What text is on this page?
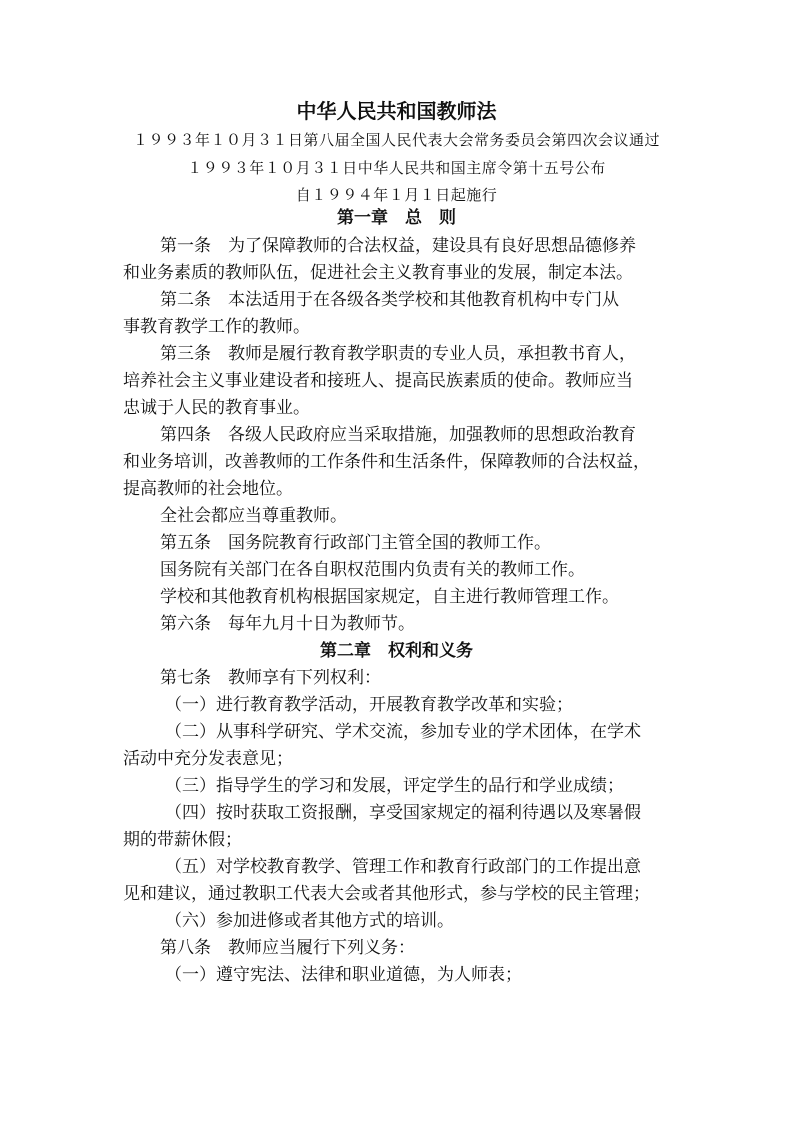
中华人民共和国教师法
１９９３年１０月３１日第八届全国人民代表大会常务委员会第四次会议通过
１９９３年１０月３１日中华人民共和国主席令第十五号公布
自１９９４年１月１日起施行
第一章　总　则
第一条　为了保障教师的合法权益，建设具有良好思想品德修养
和业务素质的教师队伍，促进社会主义教育事业的发展，制定本法。
第二条　本法适用于在各级各类学校和其他教育机构中专门从
事教育教学工作的教师。
第三条　教师是履行教育教学职责的专业人员，承担教书育人，
培养社会主义事业建设者和接班人、提高民族素质的使命。教师应当
忠诚于人民的教育事业。
第四条　各级人民政府应当采取措施，加强教师的思想政治教育
和业务培训，改善教师的工作条件和生活条件，保障教师的合法权益，
提高教师的社会地位。
全社会都应当尊重教师。
第五条　国务院教育行政部门主管全国的教师工作。
国务院有关部门在各自职权范围内负责有关的教师工作。
学校和其他教育机构根据国家规定，自主进行教师管理工作。
第六条　每年九月十日为教师节。
第二章　权利和义务
第七条　教师享有下列权利：
（一）进行教育教学活动，开展教育教学改革和实验；
（二）从事科学研究、学术交流，参加专业的学术团体，在学术
活动中充分发表意见；
（三）指导学生的学习和发展，评定学生的品行和学业成绩；
（四）按时获取工资报酬，享受国家规定的福利待遇以及寒暑假
期的带薪休假；
（五）对学校教育教学、管理工作和教育行政部门的工作提出意
见和建议，通过教职工代表大会或者其他形式，参与学校的民主管理；
（六）参加进修或者其他方式的培训。
第八条　教师应当履行下列义务：
（一）遵守宪法、法律和职业道德，为人师表；
